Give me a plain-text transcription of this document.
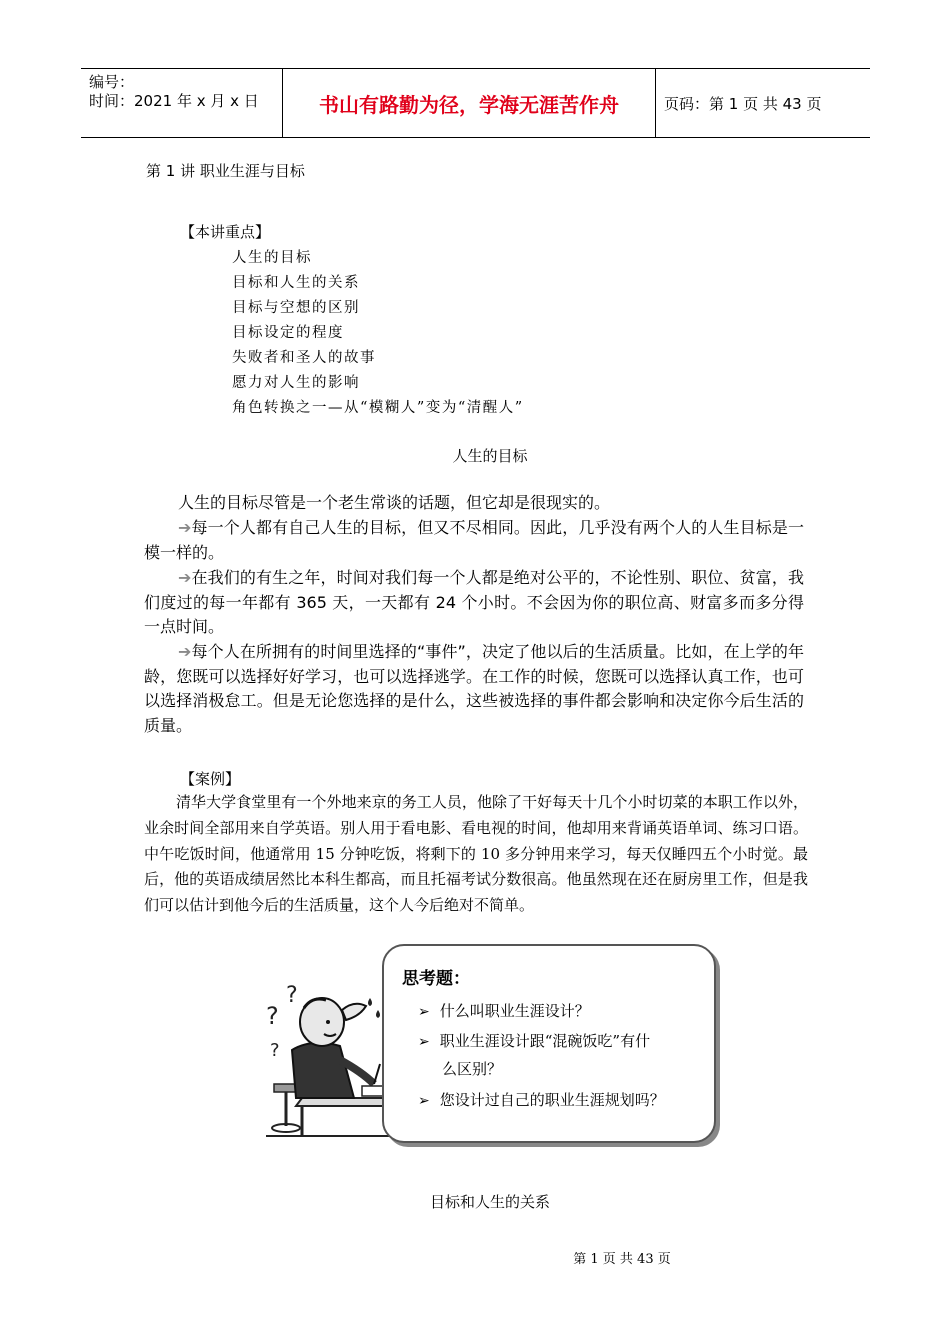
编号：
时间：2021 年 x 月 x 日	书山有路勤为径，学海无涯苦作舟	页码：第 1 页 共 43 页
第 1 讲 职业生涯与目标
【本讲重点】
人生的目标
目标和人生的关系
目标与空想的区别
目标设定的程度
失败者和圣人的故事
愿力对人生的影响
角色转换之一—从“模糊人”变为“清醒人”
人生的目标
人生的目标尽管是一个老生常谈的话题，但它却是很现实的。
➔每一个人都有自己人生的目标，但又不尽相同。因此，几乎没有两个人的人生目标是一模一样的。
➔在我们的有生之年，时间对我们每一个人都是绝对公平的，不论性别、职位、贫富，我们度过的每一年都有 365 天，一天都有 24 个小时。不会因为你的职位高、财富多而多分得一点时间。
➔每个人在所拥有的时间里选择的“事件”，决定了他以后的生活质量。比如，在上学的年龄，您既可以选择好好学习，也可以选择逃学。在工作的时候，您既可以选择认真工作，也可以选择消极怠工。但是无论您选择的是什么，这些被选择的事件都会影响和决定你今后生活的质量。
【案例】
清华大学食堂里有一个外地来京的务工人员，他除了干好每天十几个小时切菜的本职工作以外，业余时间全部用来自学英语。别人用于看电影、看电视的时间，他却用来背诵英语单词、练习口语。中午吃饭时间，他通常用 15 分钟吃饭，将剩下的 10 多分钟用来学习，每天仅睡四五个小时觉。最后，他的英语成绩居然比本科生都高，而且托福考试分数很高。他虽然现在还在厨房里工作，但是我们可以估计到他今后的生活质量，这个人今后绝对不简单。
?
?
?
思考题：
➢ 什么叫职业生涯设计？
➢ 职业生涯设计跟“混碗饭吃”有什
么区别？
➢ 您设计过自己的职业生涯规划吗？
目标和人生的关系
第 1 页 共 43 页
